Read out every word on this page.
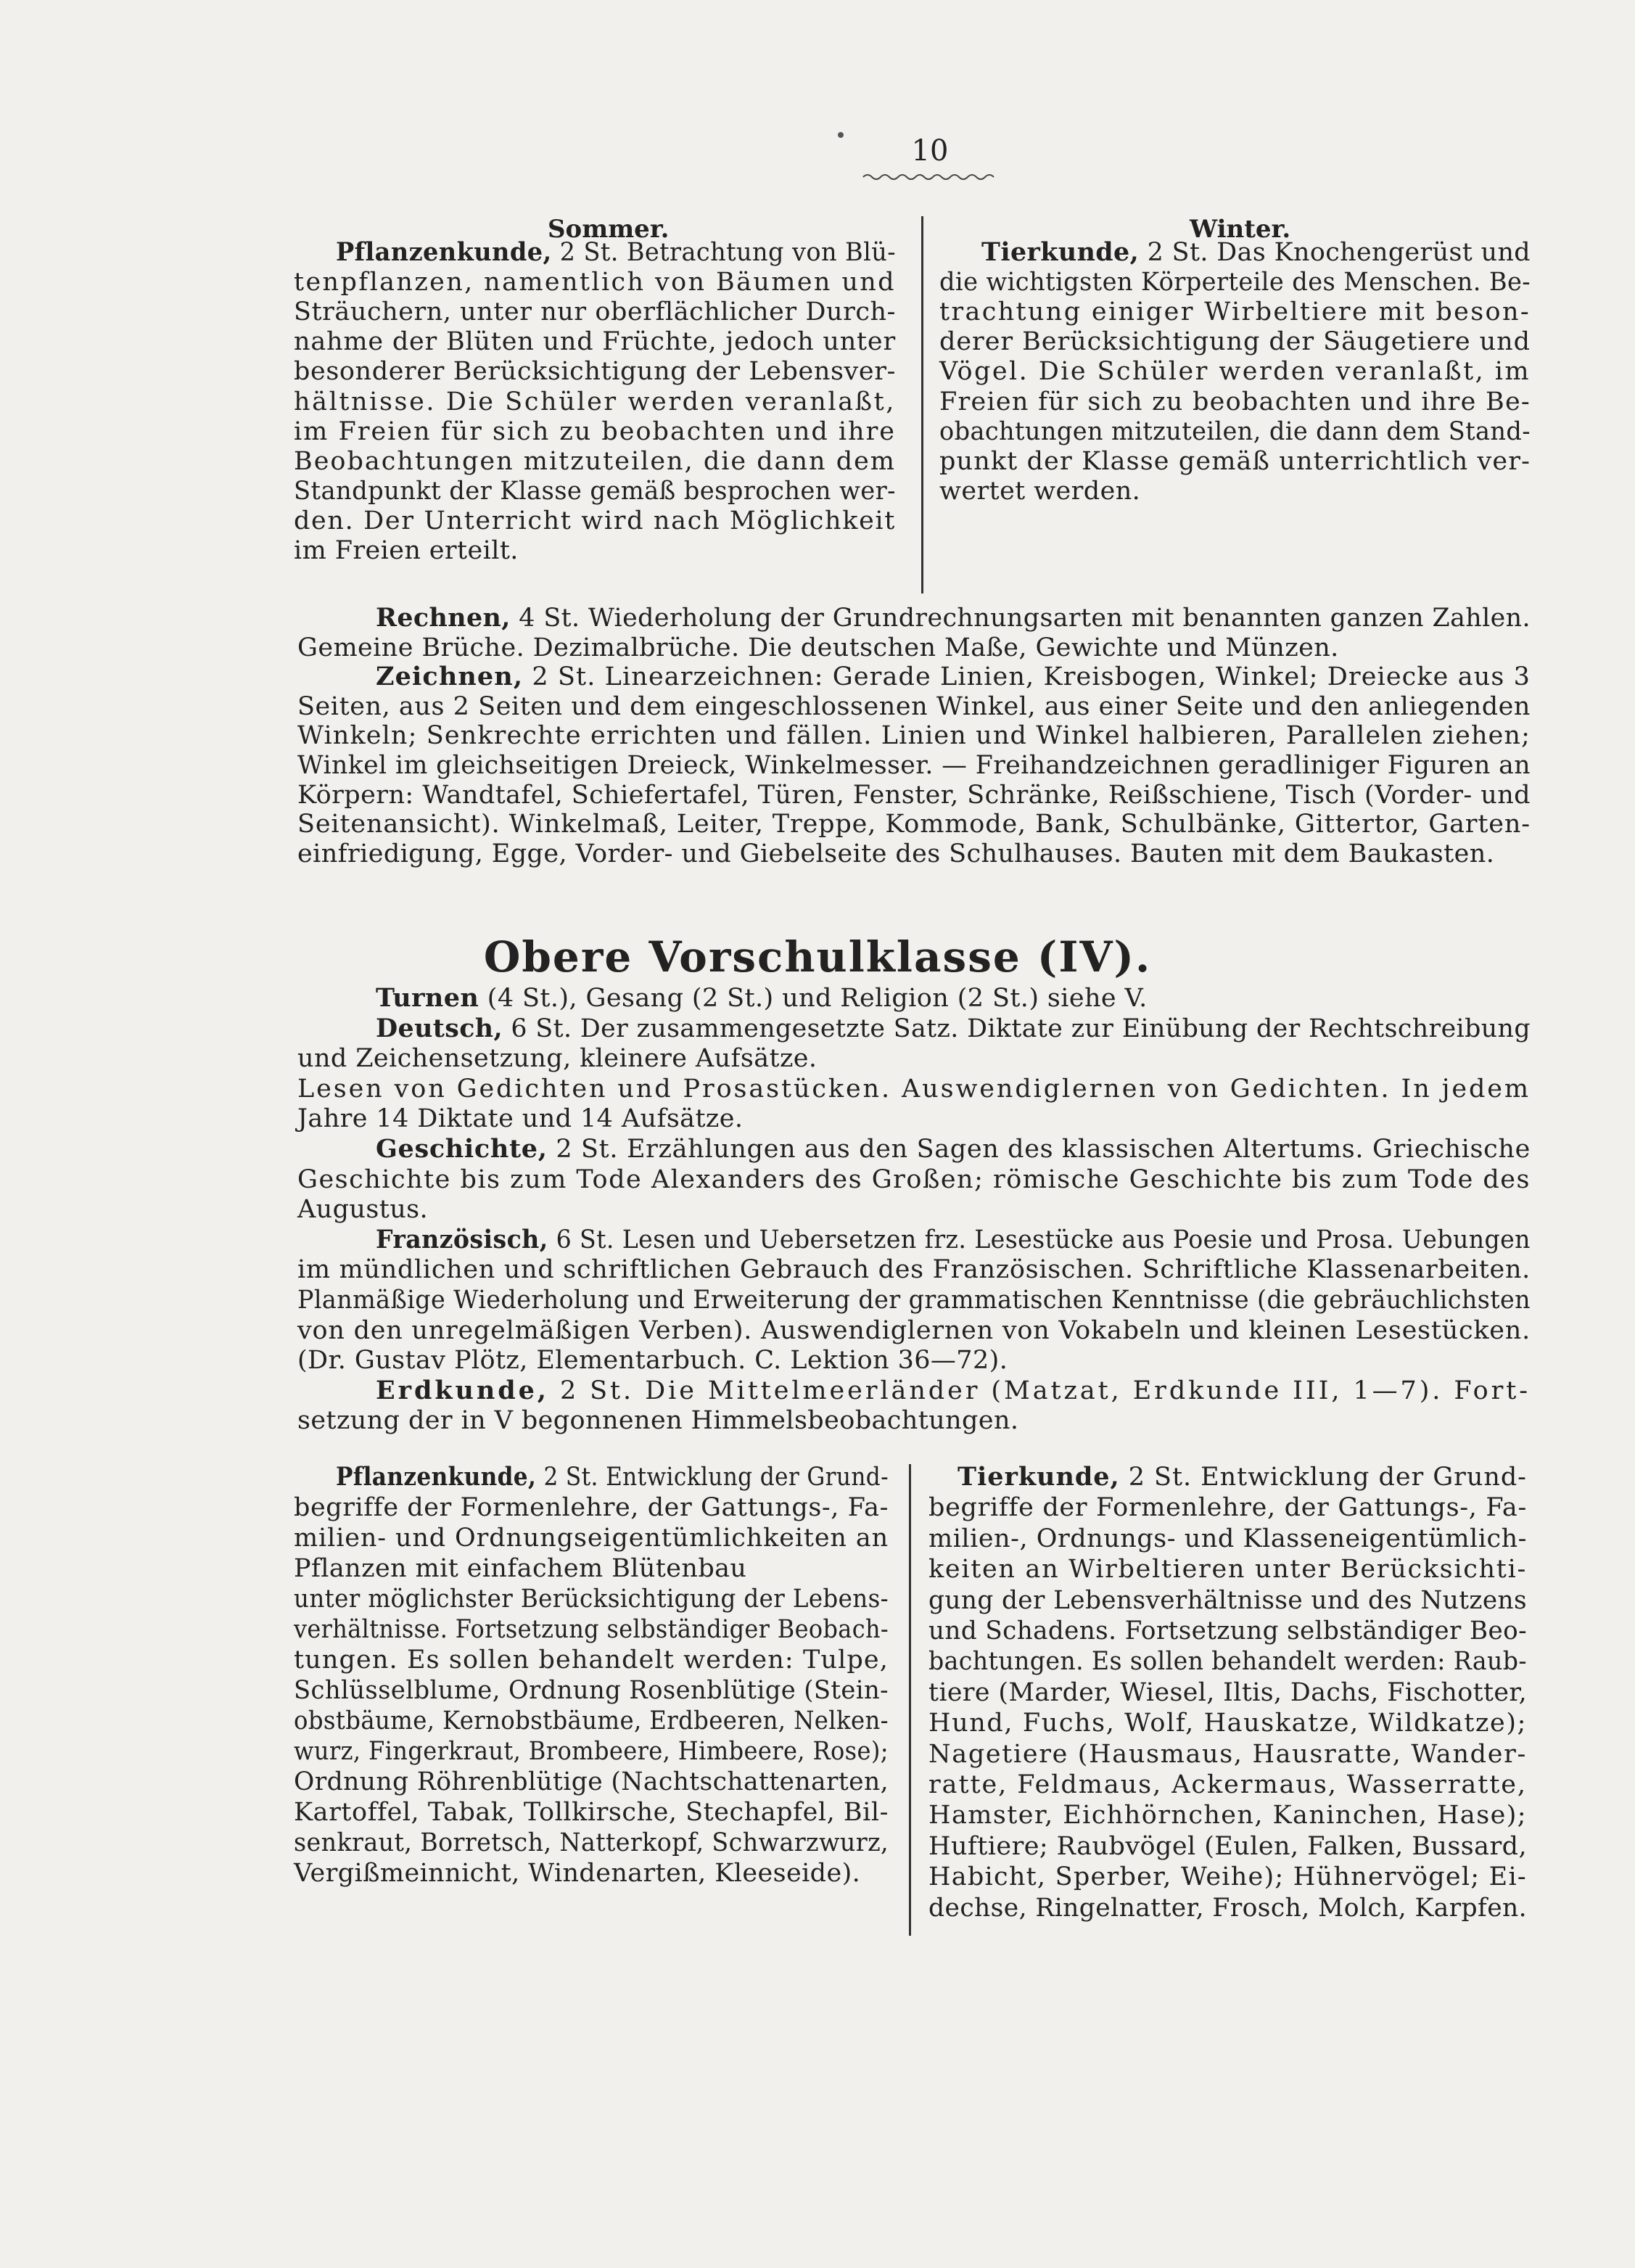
10
Sommer.	Winter.
Pflanzenkunde, 2 St. Betrachtung von Blü-
tenpflanzen, namentlich von Bäumen und
Sträuchern, unter nur oberflächlicher Durch-
nahme der Blüten und Früchte, jedoch unter
besonderer Berücksichtigung der Lebensver-
hältnisse. Die Schüler werden veranlaßt,
im Freien für sich zu beobachten und ihre
Beobachtungen mitzuteilen, die dann dem
Standpunkt der Klasse gemäß besprochen wer-
den. Der Unterricht wird nach Möglichkeit
im Freien erteilt.
Tierkunde, 2 St. Das Knochengerüst und
die wichtigsten Körperteile des Menschen. Be-
trachtung einiger Wirbeltiere mit beson-
derer Berücksichtigung der Säugetiere und
Vögel. Die Schüler werden veranlaßt, im
Freien für sich zu beobachten und ihre Be-
obachtungen mitzuteilen, die dann dem Stand-
punkt der Klasse gemäß unterrichtlich ver-
wertet werden.
Rechnen, 4 St. Wiederholung der Grundrechnungsarten mit benannten ganzen Zahlen.
Gemeine Brüche. Dezimalbrüche. Die deutschen Maße, Gewichte und Münzen.
Zeichnen, 2 St. Linearzeichnen: Gerade Linien, Kreisbogen, Winkel; Dreiecke aus 3
Seiten, aus 2 Seiten und dem eingeschlossenen Winkel, aus einer Seite und den anliegenden
Winkeln; Senkrechte errichten und fällen. Linien und Winkel halbieren, Parallelen ziehen;
Winkel im gleichseitigen Dreieck, Winkelmesser. — Freihandzeichnen geradliniger Figuren an
Körpern: Wandtafel, Schiefertafel, Türen, Fenster, Schränke, Reißschiene, Tisch (Vorder- und
Seitenansicht). Winkelmaß, Leiter, Treppe, Kommode, Bank, Schulbänke, Gittertor, Garten-
einfriedigung, Egge, Vorder- und Giebelseite des Schulhauses. Bauten mit dem Baukasten.
Obere Vorschulklasse (IV).
Turnen (4 St.), Gesang (2 St.) und Religion (2 St.) siehe V.
Deutsch, 6 St. Der zusammengesetzte Satz. Diktate zur Einübung der Rechtschreibung
und Zeichensetzung, kleinere Aufsätze.
Lesen von Gedichten und Prosastücken. Auswendiglernen von Gedichten. In jedem
Jahre 14 Diktate und 14 Aufsätze.
Geschichte, 2 St. Erzählungen aus den Sagen des klassischen Altertums. Griechische
Geschichte bis zum Tode Alexanders des Großen; römische Geschichte bis zum Tode des
Augustus.
Französisch, 6 St. Lesen und Uebersetzen frz. Lesestücke aus Poesie und Prosa. Uebungen
im mündlichen und schriftlichen Gebrauch des Französischen. Schriftliche Klassenarbeiten.
Planmäßige Wiederholung und Erweiterung der grammatischen Kenntnisse (die gebräuchlichsten
von den unregelmäßigen Verben). Auswendiglernen von Vokabeln und kleinen Lesestücken.
(Dr. Gustav Plötz, Elementarbuch. C. Lektion 36—72).
Erdkunde, 2 St. Die Mittelmeerländer (Matzat, Erdkunde III, 1—7). Fort-
setzung der in V begonnenen Himmelsbeobachtungen.
Pflanzenkunde, 2 St. Entwicklung der Grund-
begriffe der Formenlehre, der Gattungs-, Fa-
milien- und Ordnungseigentümlichkeiten an
Pflanzen mit einfachem Blütenbau
unter möglichster Berücksichtigung der Lebens-
verhältnisse. Fortsetzung selbständiger Beobach-
tungen. Es sollen behandelt werden: Tulpe,
Schlüsselblume, Ordnung Rosenblütige (Stein-
obstbäume, Kernobstbäume, Erdbeeren, Nelken-
wurz, Fingerkraut, Brombeere, Himbeere, Rose);
Ordnung Röhrenblütige (Nachtschattenarten,
Kartoffel, Tabak, Tollkirsche, Stechapfel, Bil-
senkraut, Borretsch, Natterkopf, Schwarzwurz,
Vergißmeinnicht, Windenarten, Kleeseide).
Tierkunde, 2 St. Entwicklung der Grund-
begriffe der Formenlehre, der Gattungs-, Fa-
milien-, Ordnungs- und Klasseneigentümlich-
keiten an Wirbeltieren unter Berücksichti-
gung der Lebensverhältnisse und des Nutzens
und Schadens. Fortsetzung selbständiger Beo-
bachtungen. Es sollen behandelt werden: Raub-
tiere (Marder, Wiesel, Iltis, Dachs, Fischotter,
Hund, Fuchs, Wolf, Hauskatze, Wildkatze);
Nagetiere (Hausmaus, Hausratte, Wander-
ratte, Feldmaus, Ackermaus, Wasserratte,
Hamster, Eichhörnchen, Kaninchen, Hase);
Huftiere; Raubvögel (Eulen, Falken, Bussard,
Habicht, Sperber, Weihe); Hühnervögel; Ei-
dechse, Ringelnatter, Frosch, Molch, Karpfen.
